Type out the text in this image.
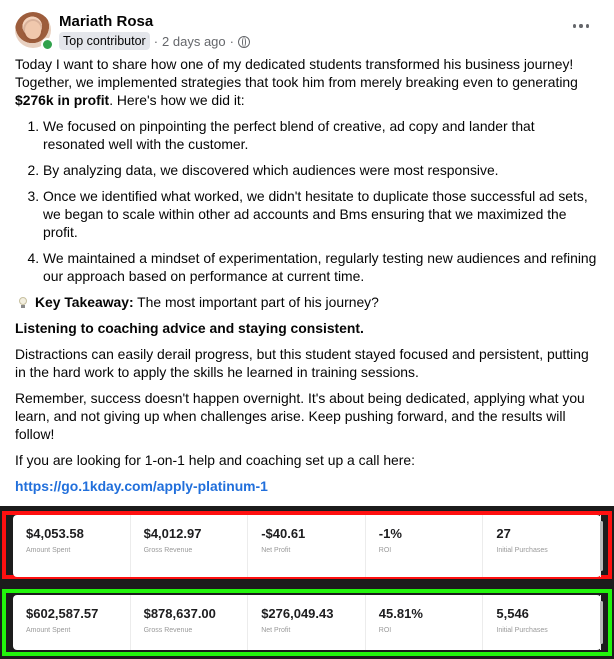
Mariath Rosa
Top contributor · 2 days ago ·

Today I want to share how one of my dedicated students transformed his business journey! Together, we implemented strategies that took him from merely breaking even to generating $276k in profit. Here's how we did it:

1. We focused on pinpointing the perfect blend of creative, ad copy and lander that resonated well with the customer.
2. By analyzing data, we discovered which audiences were most responsive.
3. Once we identified what worked, we didn't hesitate to duplicate those successful ad sets, we began to scale within other ad accounts and Bms ensuring that we maximized the profit.
4. We maintained a mindset of experimentation, regularly testing new audiences and refining our approach based on performance at current time.

Key Takeaway: The most important part of his journey?

Listening to coaching advice and staying consistent.

Distractions can easily derail progress, but this student stayed focused and persistent, putting in the hard work to apply the skills he learned in training sessions.

Remember, success doesn't happen overnight. It's about being dedicated, applying what you learn, and not giving up when challenges arise. Keep pushing forward, and the results will follow!

If you are looking for 1-on-1 help and coaching set up a call here:

https://go.1kday.com/apply-platinum-1

$4,053.58
Amount Spent
$4,012.97
Gross Revenue
-$40.61
Net Profit
-1%
ROI
27
Initial Purchases
$602,587.57
Amount Spent
$878,637.00
Gross Revenue
$276,049.43
Net Profit
45.81%
ROI
5,546
Initial Purchases
